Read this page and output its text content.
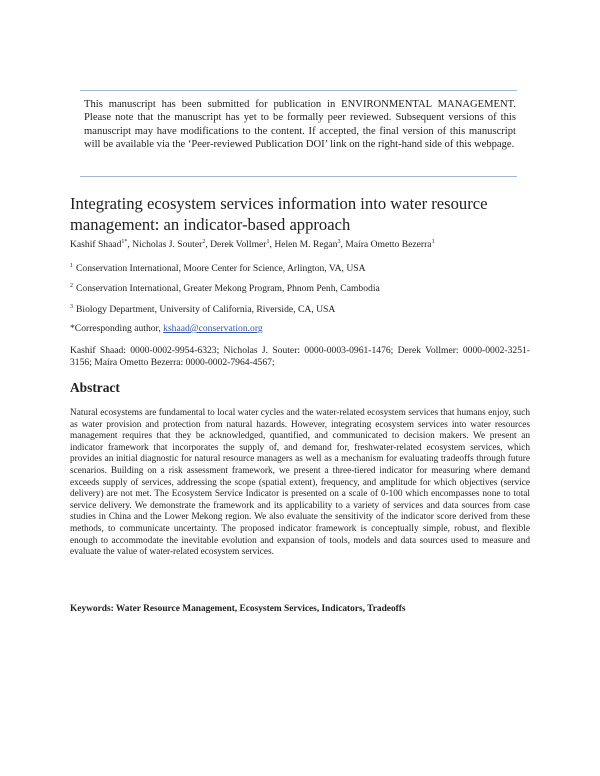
This manuscript has been submitted for publication in ENVIRONMENTAL MANAGEMENT. Please note that the manuscript has yet to be formally peer reviewed. Subsequent versions of this manuscript may have modifications to the content. If accepted, the final version of this manuscript will be available via the ‘Peer-reviewed Publication DOI’ link on the right-hand side of this webpage.
Integrating ecosystem services information into water resource management: an indicator-based approach
Kashif Shaad$^{1*}$, Nicholas J. Souter$^2$, Derek Vollmer$^1$, Helen M. Regan$^3$, Maíra Ometto Bezerra$^1$
$^1$ Conservation International, Moore Center for Science, Arlington, VA, USA
$^2$ Conservation International, Greater Mekong Program, Phnom Penh, Cambodia
$^3$ Biology Department, University of California, Riverside, CA, USA
*Corresponding author, kshaad@conservation.org
Kashif Shaad: 0000-0002-9954-6323; Nicholas J. Souter: 0000-0003-0961-1476; Derek Vollmer: 0000-0002-3251-3156; Maíra Ometto Bezerra: 0000-0002-7964-4567;
Abstract
Natural ecosystems are fundamental to local water cycles and the water-related ecosystem services that humans enjoy, such as water provision and protection from natural hazards. However, integrating ecosystem services into water resources management requires that they be acknowledged, quantified, and communicated to decision makers. We present an indicator framework that incorporates the supply of, and demand for, freshwater-related ecosystem services, which provides an initial diagnostic for natural resource managers as well as a mechanism for evaluating tradeoffs through future scenarios. Building on a risk assessment framework, we present a three-tiered indicator for measuring where demand exceeds supply of services, addressing the scope (spatial extent), frequency, and amplitude for which objectives (service delivery) are not met. The Ecosystem Service Indicator is presented on a scale of 0-100 which encompasses none to total service delivery. We demonstrate the framework and its applicability to a variety of services and data sources from case studies in China and the Lower Mekong region. We also evaluate the sensitivity of the indicator score derived from these methods, to communicate uncertainty. The proposed indicator framework is conceptually simple, robust, and flexible enough to accommodate the inevitable evolution and expansion of tools, models and data sources used to measure and evaluate the value of water-related ecosystem services.
Keywords: Water Resource Management, Ecosystem Services, Indicators, Tradeoffs
